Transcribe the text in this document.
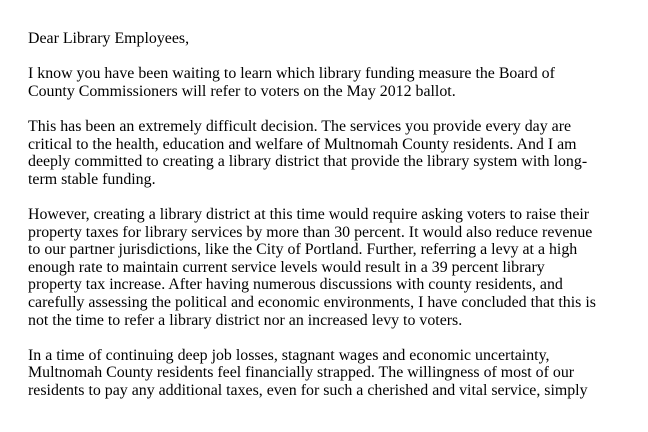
Dear Library Employees,

I know you have been waiting to learn which library funding measure the Board of
County Commissioners will refer to voters on the May 2012 ballot.

This has been an extremely difficult decision. The services you provide every day are
critical to the health, education and welfare of Multnomah County residents. And I am
deeply committed to creating a library district that provide the library system with long-
term stable funding.

However, creating a library district at this time would require asking voters to raise their
property taxes for library services by more than 30 percent. It would also reduce revenue
to our partner jurisdictions, like the City of Portland. Further, referring a levy at a high
enough rate to maintain current service levels would result in a 39 percent library
property tax increase. After having numerous discussions with county residents, and
carefully assessing the political and economic environments, I have concluded that this is
not the time to refer a library district nor an increased levy to voters.

In a time of continuing deep job losses, stagnant wages and economic uncertainty,
Multnomah County residents feel financially strapped. The willingness of most of our
residents to pay any additional taxes, even for such a cherished and vital service, simply
